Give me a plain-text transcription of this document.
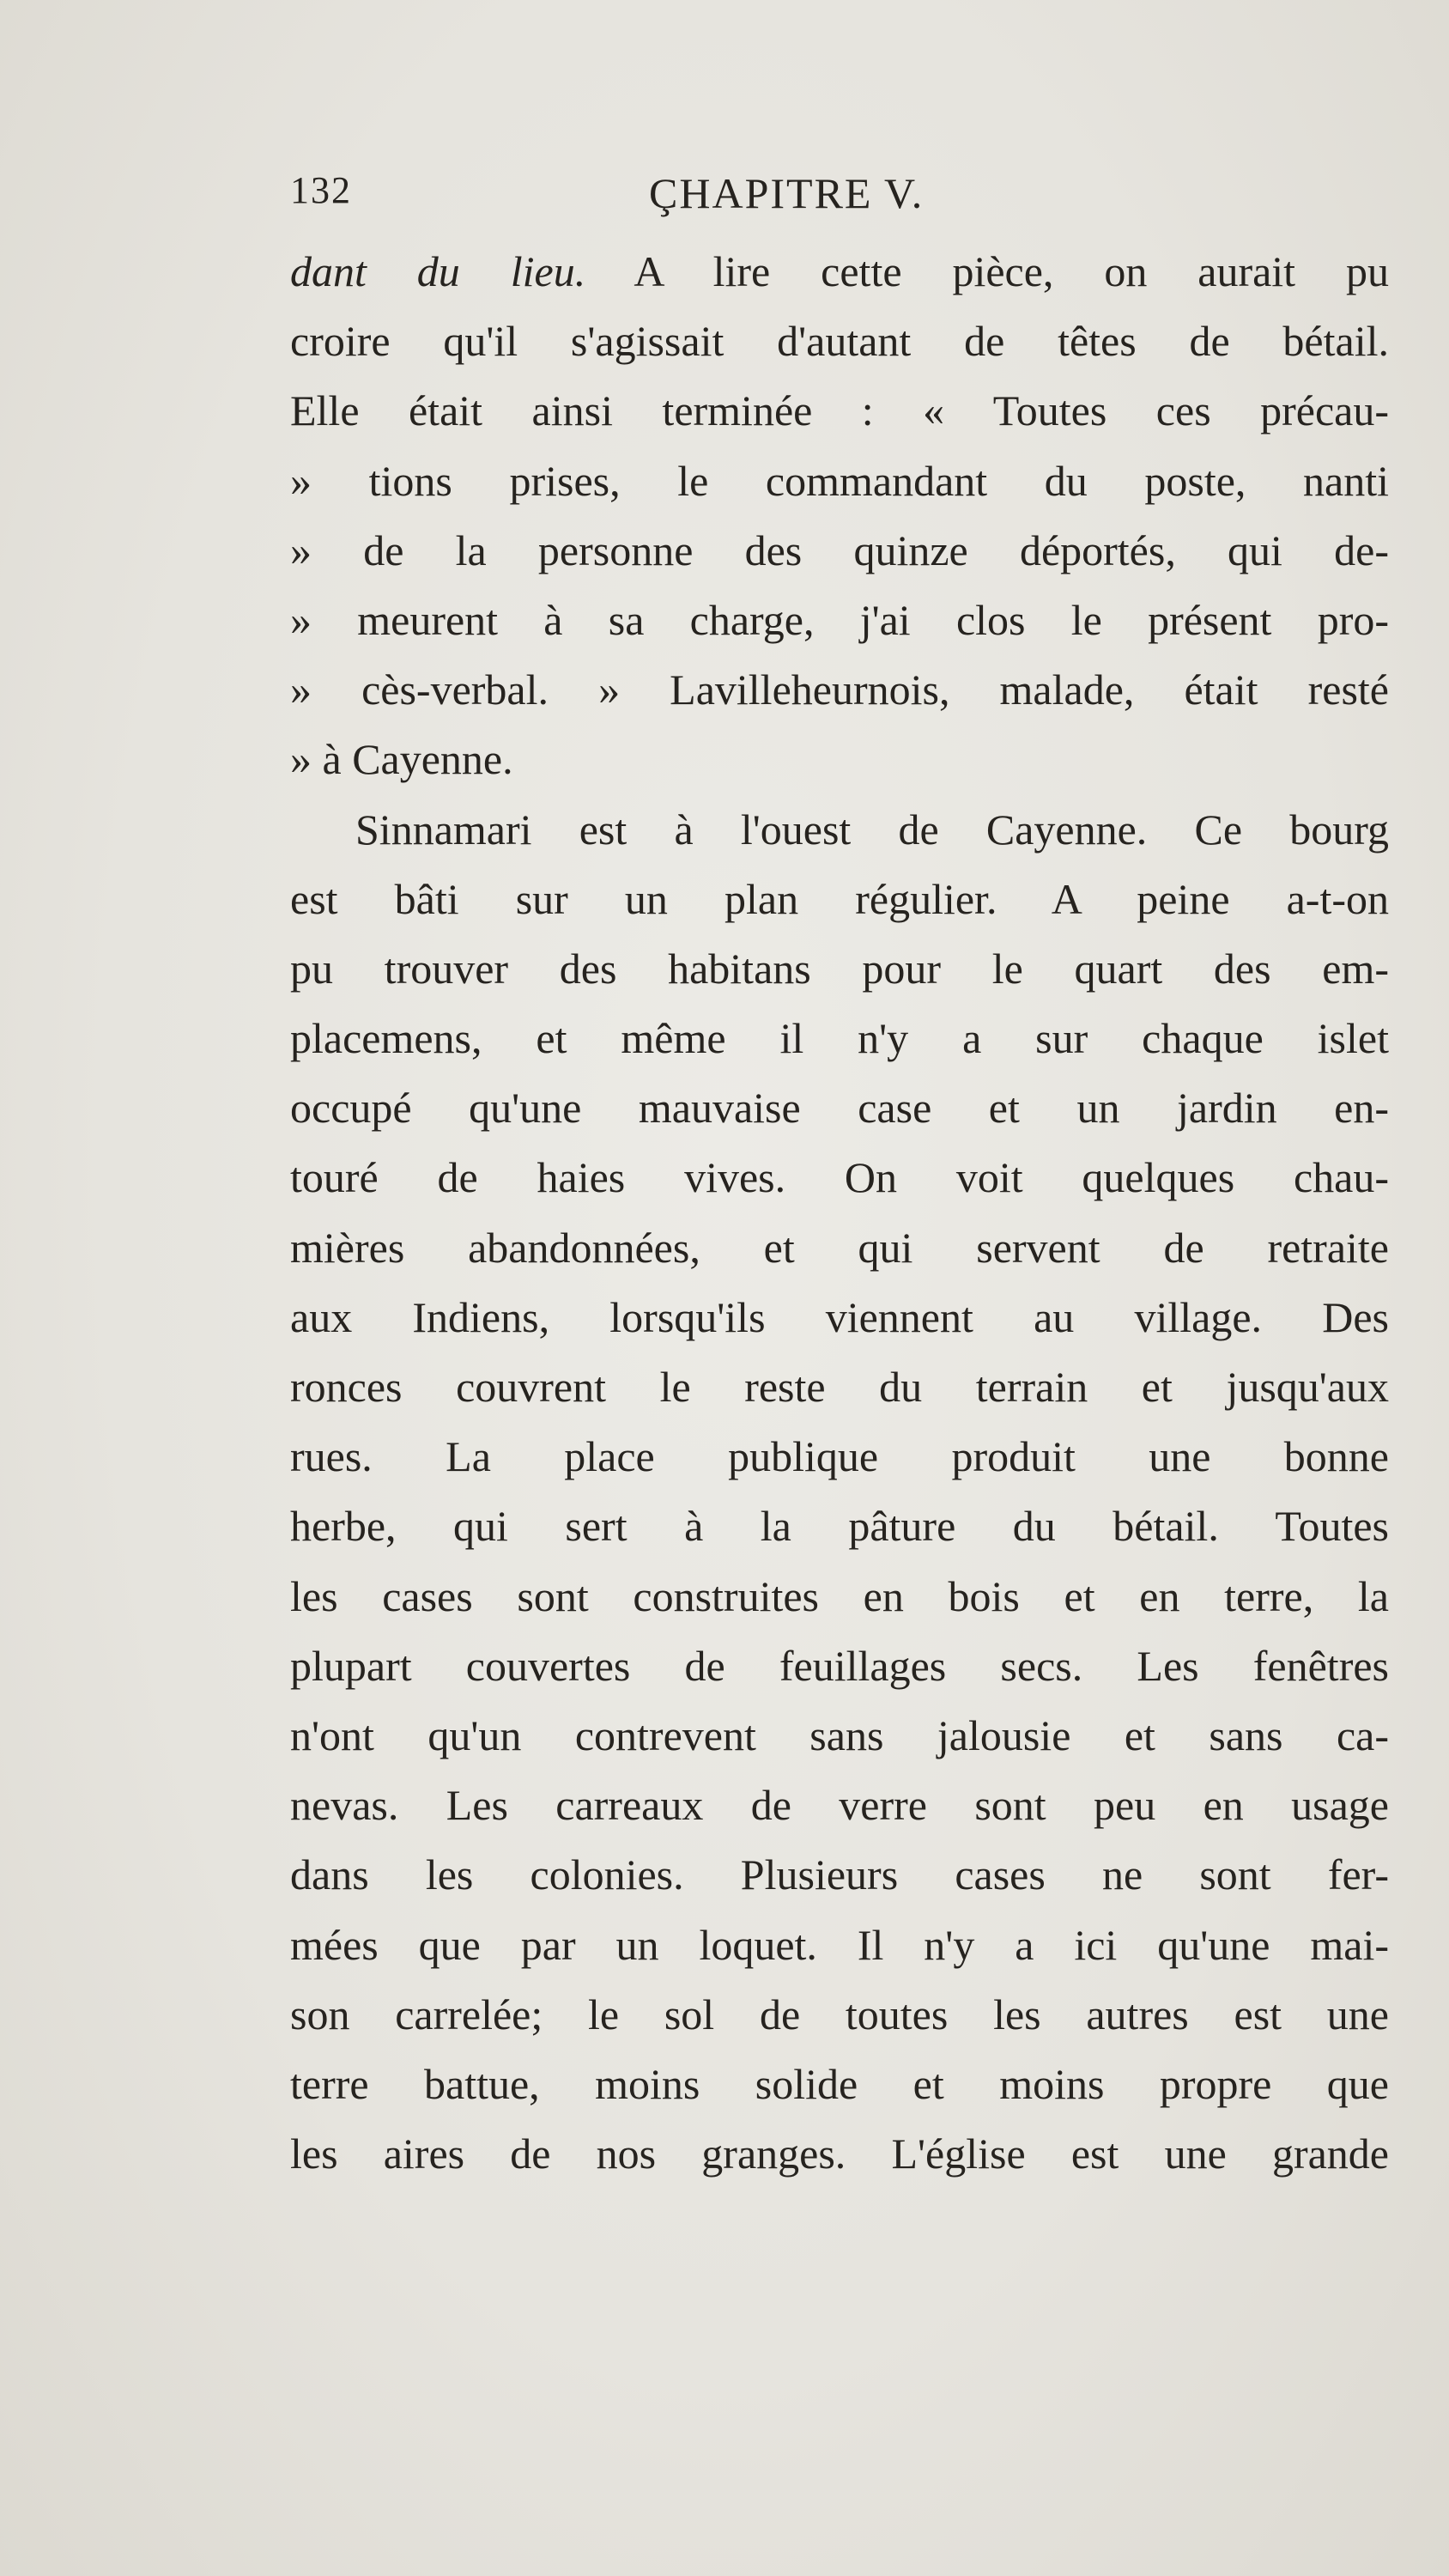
132	ÇHAPITRE V.
dant du lieu. A lire cette pièce, on aurait pu
croire qu'il s'agissait d'autant de têtes de bétail.
Elle était ainsi terminée : « Toutes ces précau-
» tions prises, le commandant du poste, nanti
» de la personne des quinze déportés, qui de-
» meurent à sa charge, j'ai clos le présent pro-
» cès-verbal. » Lavilleheurnois, malade, était resté
» à Cayenne.
Sinnamari est à l'ouest de Cayenne. Ce bourg
est bâti sur un plan régulier. A peine a-t-on
pu trouver des habitans pour le quart des em-
placemens, et même il n'y a sur chaque islet
occupé qu'une mauvaise case et un jardin en-
touré de haies vives. On voit quelques chau-
mières abandonnées, et qui servent de retraite
aux Indiens, lorsqu'ils viennent au village. Des
ronces couvrent le reste du terrain et jusqu'aux
rues. La place publique produit une bonne
herbe, qui sert à la pâture du bétail. Toutes
les cases sont construites en bois et en terre, la
plupart couvertes de feuillages secs. Les fenêtres
n'ont qu'un contrevent sans jalousie et sans ca-
nevas. Les carreaux de verre sont peu en usage
dans les colonies. Plusieurs cases ne sont fer-
mées que par un loquet. Il n'y a ici qu'une mai-
son carrelée; le sol de toutes les autres est une
terre battue, moins solide et moins propre que
les aires de nos granges. L'église est une grande
